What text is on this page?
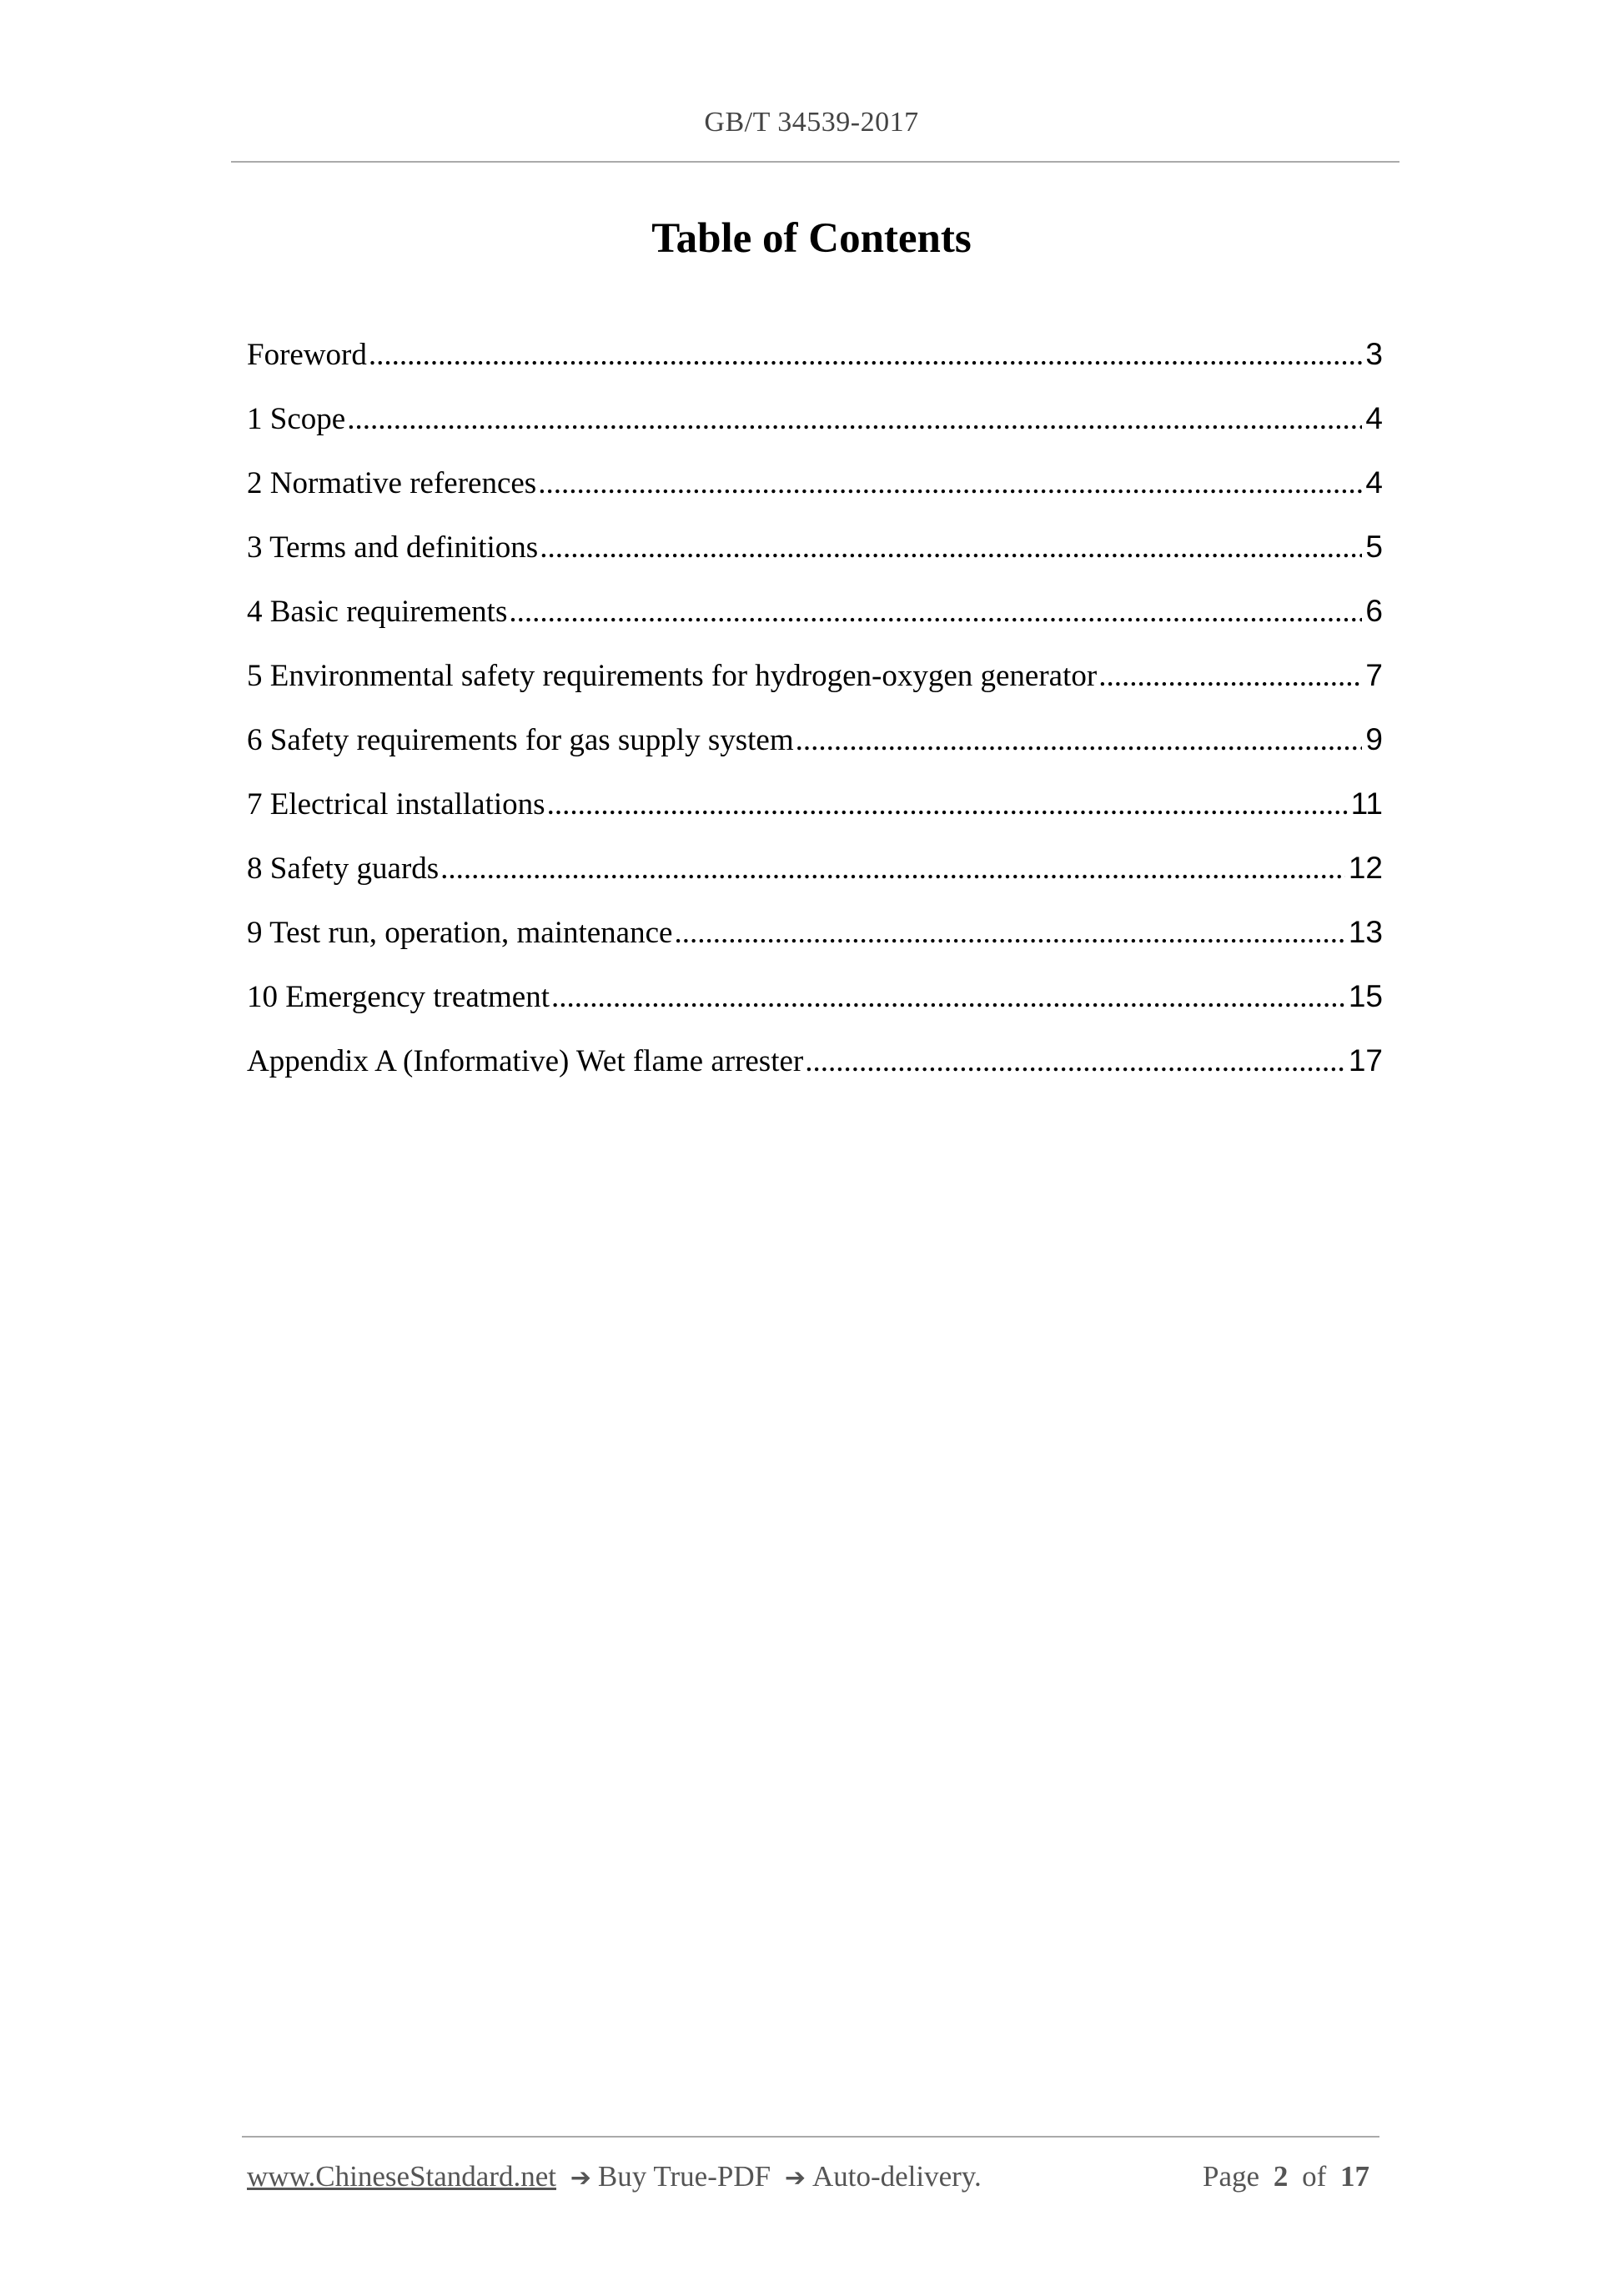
GB/T 34539-2017
Table of Contents
Foreword .....	3
1 Scope .....	4
2 Normative references .....	4
3 Terms and definitions .....	5
4 Basic requirements .....	6
5 Environmental safety requirements for hydrogen-oxygen generator .....	7
6 Safety requirements for gas supply system .....	9
7 Electrical installations .....	11
8 Safety guards .....	12
9 Test run, operation, maintenance .....	13
10 Emergency treatment .....	15
Appendix A (Informative) Wet flame arrester .....	17
www.ChineseStandard.net ➔ Buy True-PDF ➔ Auto-delivery.	Page 2 of 17
